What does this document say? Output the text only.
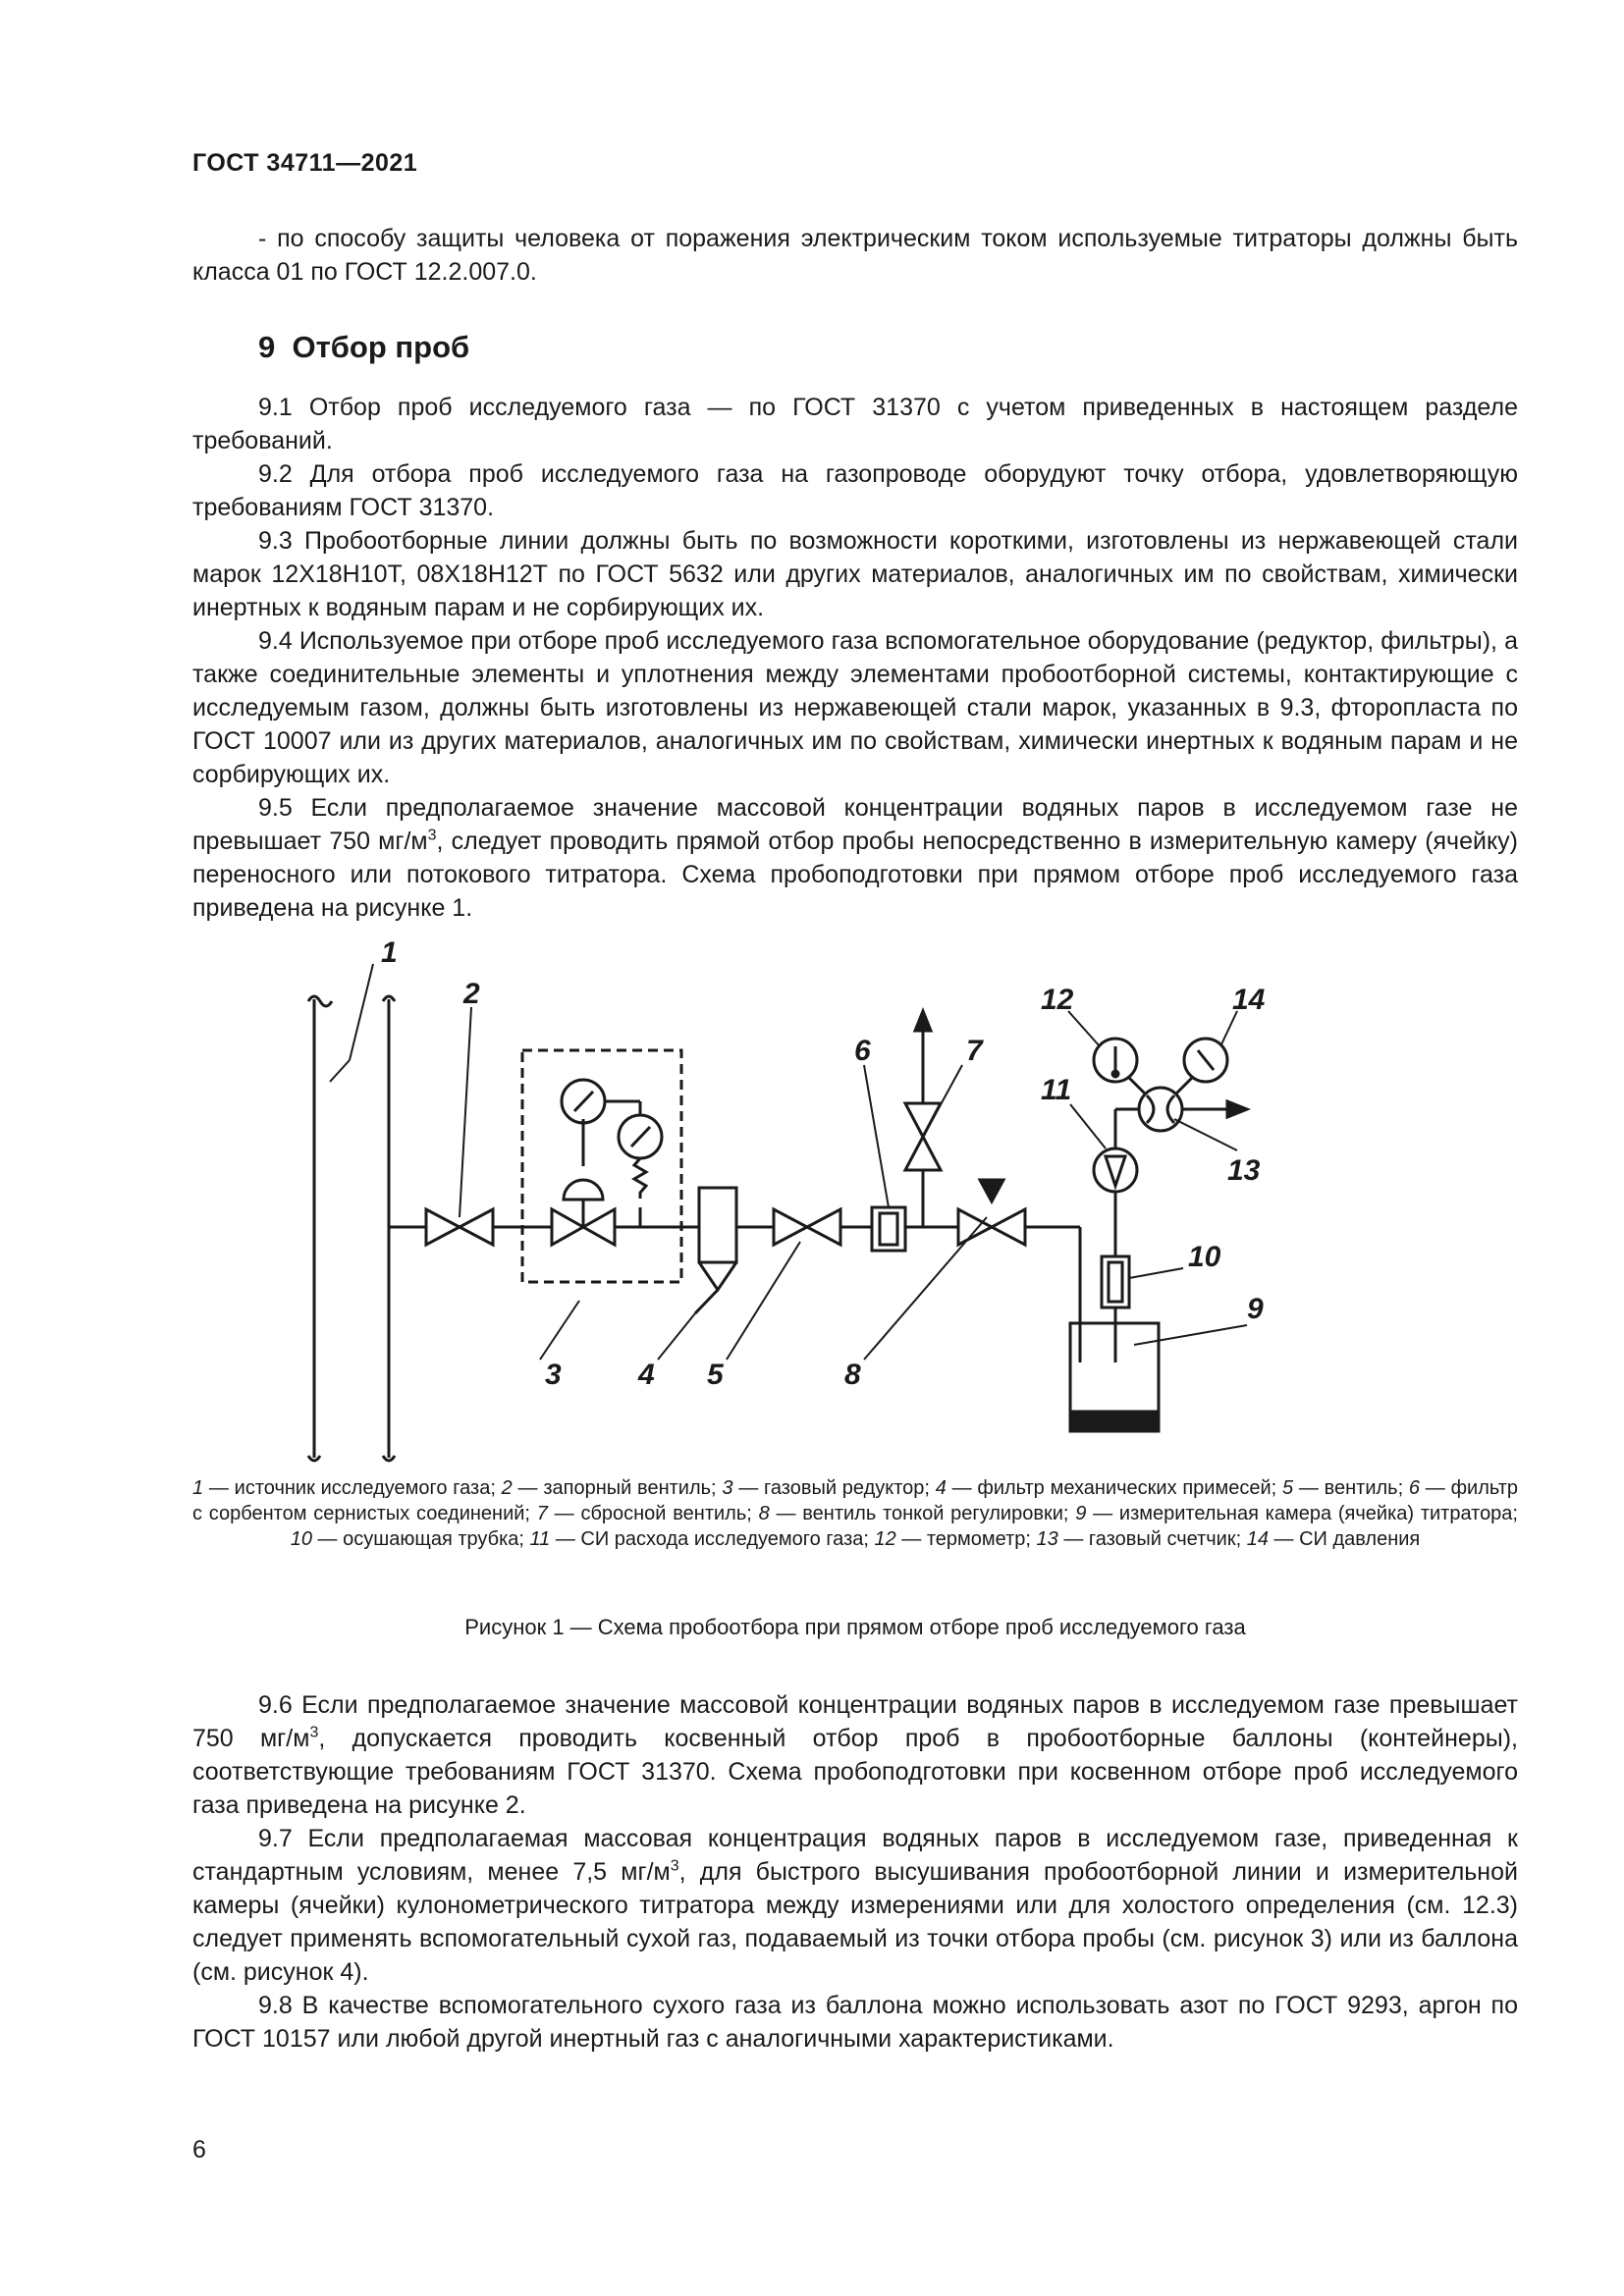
ГОСТ 34711—2021

- по способу защиты человека от поражения электрическим током используемые титраторы должны быть класса 01 по ГОСТ 12.2.007.0.

9 Отбор проб

9.1 Отбор проб исследуемого газа — по ГОСТ 31370 с учетом приведенных в настоящем разделе требований.

9.2 Для отбора проб исследуемого газа на газопроводе оборудуют точку отбора, удовлетворяющую требованиям ГОСТ 31370.

9.3 Пробоотборные линии должны быть по возможности короткими, изготовлены из нержавеющей стали марок 12Х18Н10Т, 08Х18Н12Т по ГОСТ 5632 или других материалов, аналогичных им по свойствам, химически инертных к водяным парам и не сорбирующих их.

9.4 Используемое при отборе проб исследуемого газа вспомогательное оборудование (редуктор, фильтры), а также соединительные элементы и уплотнения между элементами пробоотборной системы, контактирующие с исследуемым газом, должны быть изготовлены из нержавеющей стали марок, указанных в 9.3, фторопласта по ГОСТ 10007 или из других материалов, аналогичных им по свойствам, химически инертных к водяным парам и не сорбирующих их.

9.5 Если предполагаемое значение массовой концентрации водяных паров в исследуемом газе не превышает 750 $мг/м^3$, следует проводить прямой отбор пробы непосредственно в измерительную камеру (ячейку) переносного или потокового титратора. Схема пробоподготовки при прямом отборе проб исследуемого газа приведена на рисунке 1.

1
2
3	4 5
6	7
8
9
10
11
12
13
14
1 — источник исследуемого газа; 2 — запорный вентиль; 3 — газовый редуктор; 4 — фильтр механических примесей; 5 — вентиль; 6 — фильтр с сорбентом сернистых соединений; 7 — сбросной вентиль; 8 — вентиль тонкой регулировки; 9 — измерительная камера (ячейка) титратора; 10 — осушающая трубка; 11 — СИ расхода исследуемого газа; 12 — термометр; 13 — газовый счетчик; 14 — СИ давления
Рисунок 1 — Схема пробоотбора при прямом отборе проб исследуемого газа

9.6 Если предполагаемое значение массовой концентрации водяных паров в исследуемом газе превышает 750 $мг/м^3$, допускается проводить косвенный отбор проб в пробоотборные баллоны (контейнеры), соответствующие требованиям ГОСТ 31370. Схема пробоподготовки при косвенном отборе проб исследуемого газа приведена на рисунке 2.

9.7 Если предполагаемая массовая концентрация водяных паров в исследуемом газе, приведенная к стандартным условиям, менее 7,5 $мг/м^3$, для быстрого высушивания пробоотборной линии и измерительной камеры (ячейки) кулонометрического титратора между измерениями или для холостого определения (см. 12.3) следует применять вспомогательный сухой газ, подаваемый из точки отбора пробы (см. рисунок 3) или из баллона (см. рисунок 4).

9.8 В качестве вспомогательного сухого газа из баллона можно использовать азот по ГОСТ 9293, аргон по ГОСТ 10157 или любой другой инертный газ с аналогичными характеристиками.

6
